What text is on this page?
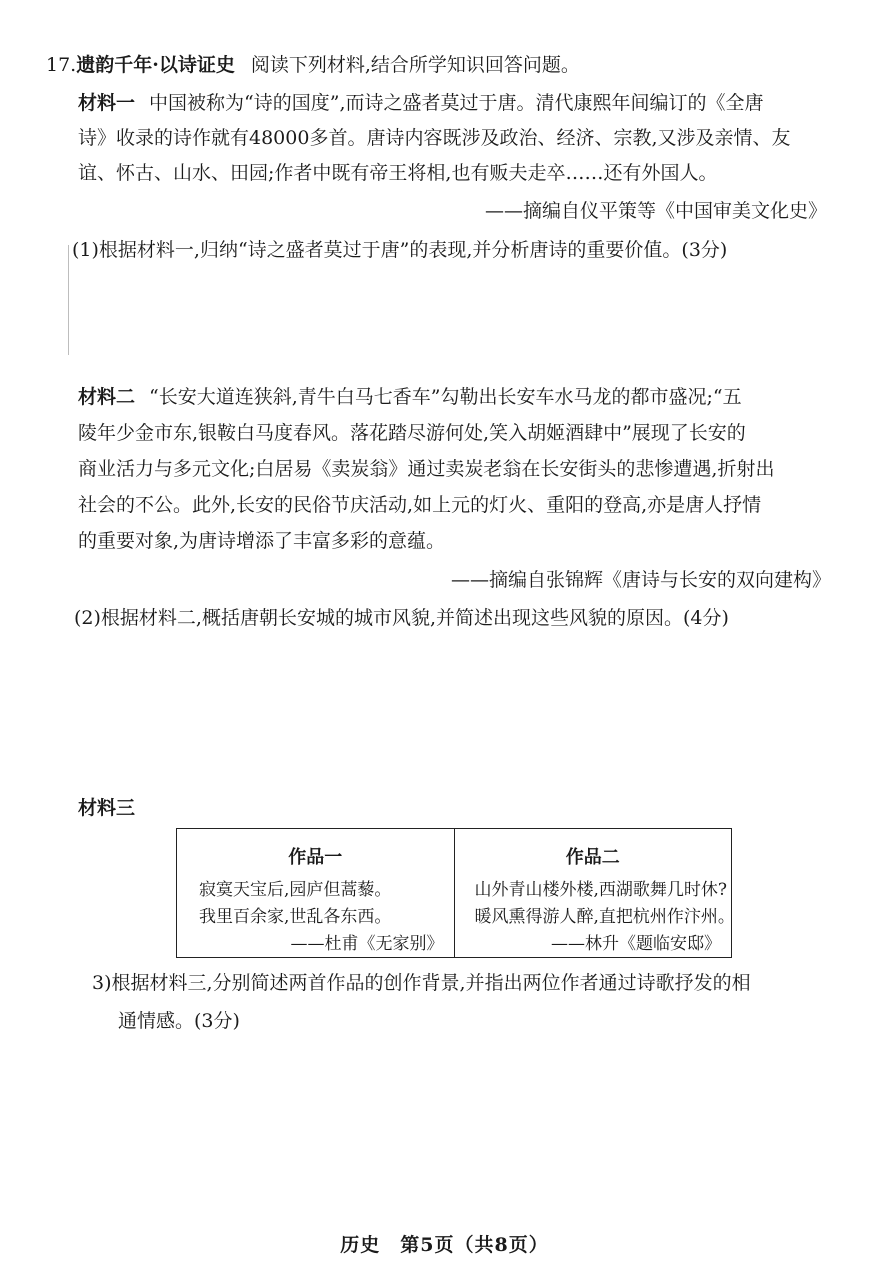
17.遗韵千年·以诗证史 阅读下列材料,结合所学知识回答问题。
材料一 中国被称为“诗的国度”,而诗之盛者莫过于唐。清代康熙年间编订的《全唐
诗》收录的诗作就有48000多首。唐诗内容既涉及政治、经济、宗教,又涉及亲情、友
谊、怀古、山水、田园;作者中既有帝王将相,也有贩夫走卒……还有外国人。
——摘编自仪平策等《中国审美文化史》
(1)根据材料一,归纳“诗之盛者莫过于唐”的表现,并分析唐诗的重要价值。(3分)
材料二 “长安大道连狭斜,青牛白马七香车”勾勒出长安车水马龙的都市盛况;“五
陵年少金市东,银鞍白马度春风。落花踏尽游何处,笑入胡姬酒肆中”展现了长安的
商业活力与多元文化;白居易《卖炭翁》通过卖炭老翁在长安街头的悲惨遭遇,折射出
社会的不公。此外,长安的民俗节庆活动,如上元的灯火、重阳的登高,亦是唐人抒情
的重要对象,为唐诗增添了丰富多彩的意蕴。
——摘编自张锦辉《唐诗与长安的双向建构》
(2)根据材料二,概括唐朝长安城的城市风貌,并简述出现这些风貌的原因。(4分)
材料三
作品一
寂寞天宝后,园庐但蒿藜。
我里百余家,世乱各东西。
——杜甫《无家别》
作品二
山外青山楼外楼,西湖歌舞几时休?
暖风熏得游人醉,直把杭州作汴州。
——林升《题临安邸》
3)根据材料三,分别简述两首作品的创作背景,并指出两位作者通过诗歌抒发的相
通情感。(3分)
历史　第5页（共8页）
